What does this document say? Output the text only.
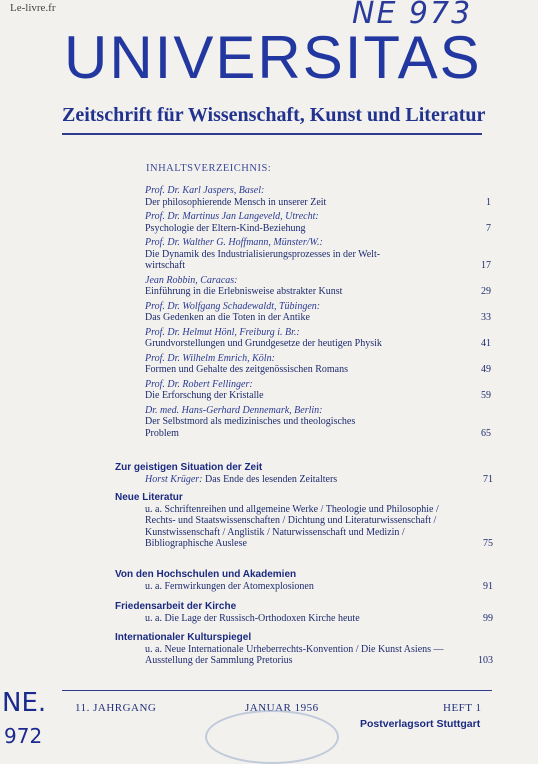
Le-livre.fr	NE 973
UNIVERSITAS
Zeitschrift für Wissenschaft, Kunst und Literatur
INHALTSVERZEICHNIS:
Prof. Dr. Karl Jaspers, Basel:
Der philosophierende Mensch in unserer Zeit	1
Prof. Dr. Martinus Jan Langeveld, Utrecht:
Psychologie der Eltern-Kind-Beziehung	7
Prof. Dr. Walther G. Hoffmann, Münster/W.:
Die Dynamik des Industrialisierungsprozesses in der Welt-
wirtschaft	17
Jean Robbin, Caracas:
Einführung in die Erlebnisweise abstrakter Kunst	29
Prof. Dr. Wolfgang Schadewaldt, Tübingen:
Das Gedenken an die Toten in der Antike	33
Prof. Dr. Helmut Hönl, Freiburg i. Br.:
Grundvorstellungen und Grundgesetze der heutigen Physik	41
Prof. Dr. Wilhelm Emrich, Köln:
Formen und Gehalte des zeitgenössischen Romans	49
Prof. Dr. Robert Fellinger:
Die Erforschung der Kristalle	59
Dr. med. Hans-Gerhard Dennemark, Berlin:
Der Selbstmord als medizinisches und theologisches
Problem	65
Zur geistigen Situation der Zeit
Horst Krüger: Das Ende des lesenden Zeitalters	71
Neue Literatur
u. a. Schriftenreihen und allgemeine Werke / Theologie und Philosophie / Rechts- und Staatswissenschaften / Dichtung und Literaturwissenschaft / Kunstwissenschaft / Anglistik / Naturwissenschaft und Medizin / Bibliographische Auslese	75
Von den Hochschulen und Akademien
u. a. Fernwirkungen der Atomexplosionen	91
Friedensarbeit der Kirche
u. a. Die Lage der Russisch-Orthodoxen Kirche heute	99
Internationaler Kulturspiegel
u. a. Neue Internationale Urheberrechts-Konvention / Die Kunst Asiens — Ausstellung der Sammlung Pretorius	103
11. JAHRGANG	JANUAR 1956	HEFT 1
Postverlagsort Stuttgart
NE.
972
